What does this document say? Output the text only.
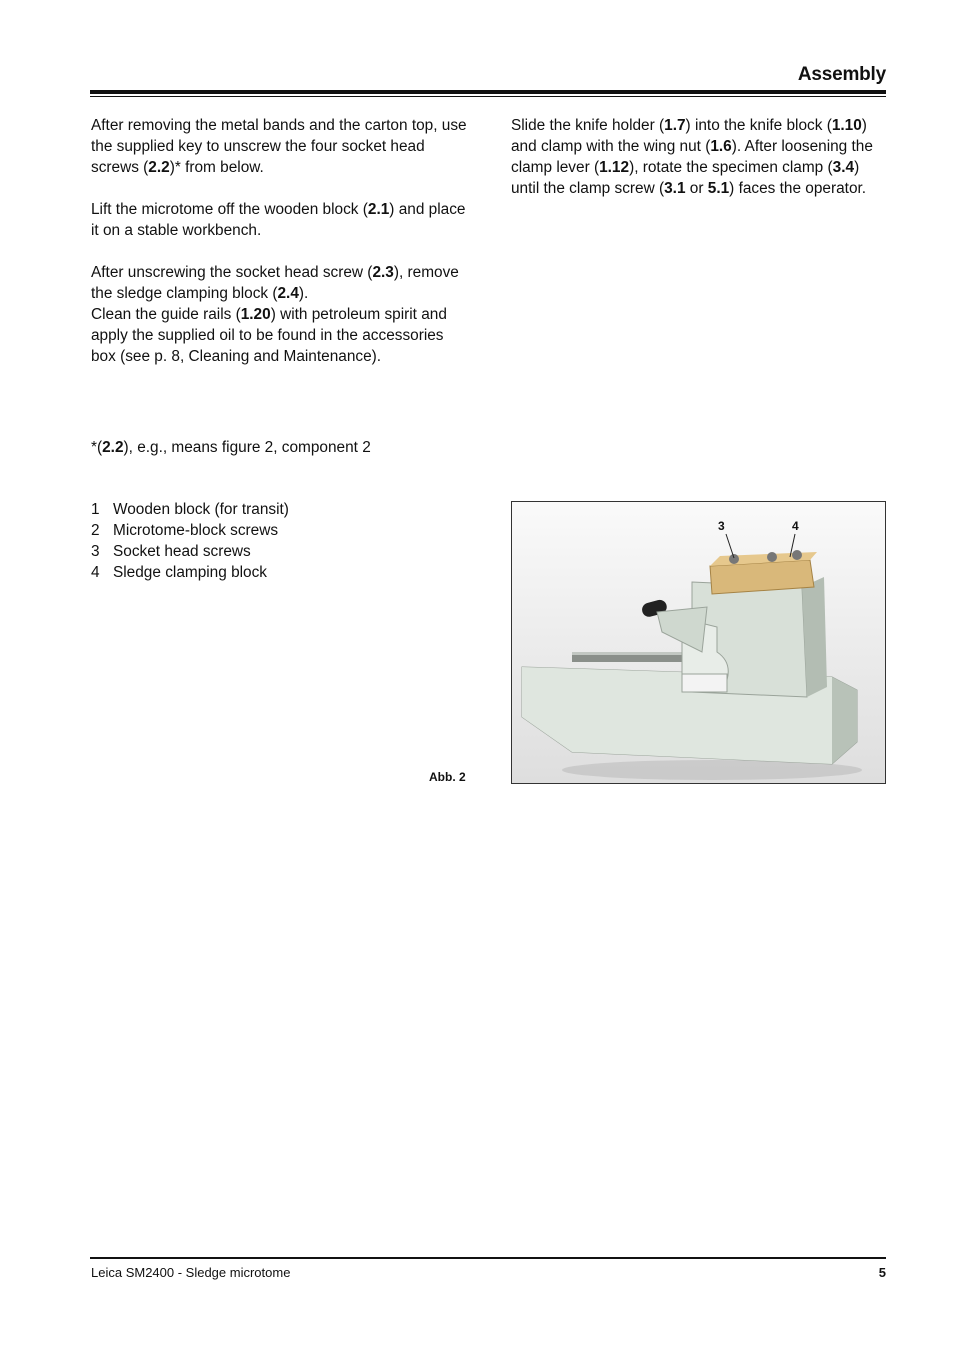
Assembly

After removing the metal bands and the carton top, use the supplied key to unscrew the four socket head screws (2.2)* from below.

Lift the microtome off the wooden block (2.1) and place it on a stable workbench.

After unscrewing the socket head screw (2.3), remove the sledge clamping block (2.4).

Clean the guide rails (1.20) with petroleum spirit and apply the supplied oil to be found in the accessories box (see p. 8, Cleaning and Maintenance).

Slide the knife holder (1.7) into the knife block (1.10) and clamp with the wing nut (1.6). After loosening the clamp lever (1.12), rotate the specimen clamp (3.4) until the clamp screw (3.1 or 5.1) faces the operator.

*(2.2), e.g., means figure 2, component 2
1 Wooden block (for transit)
2 Microtome-block screws
3 Socket head screws
4 Sledge clamping block
Abb. 2
3	4
Leica SM2400 - Sledge microtome	5
